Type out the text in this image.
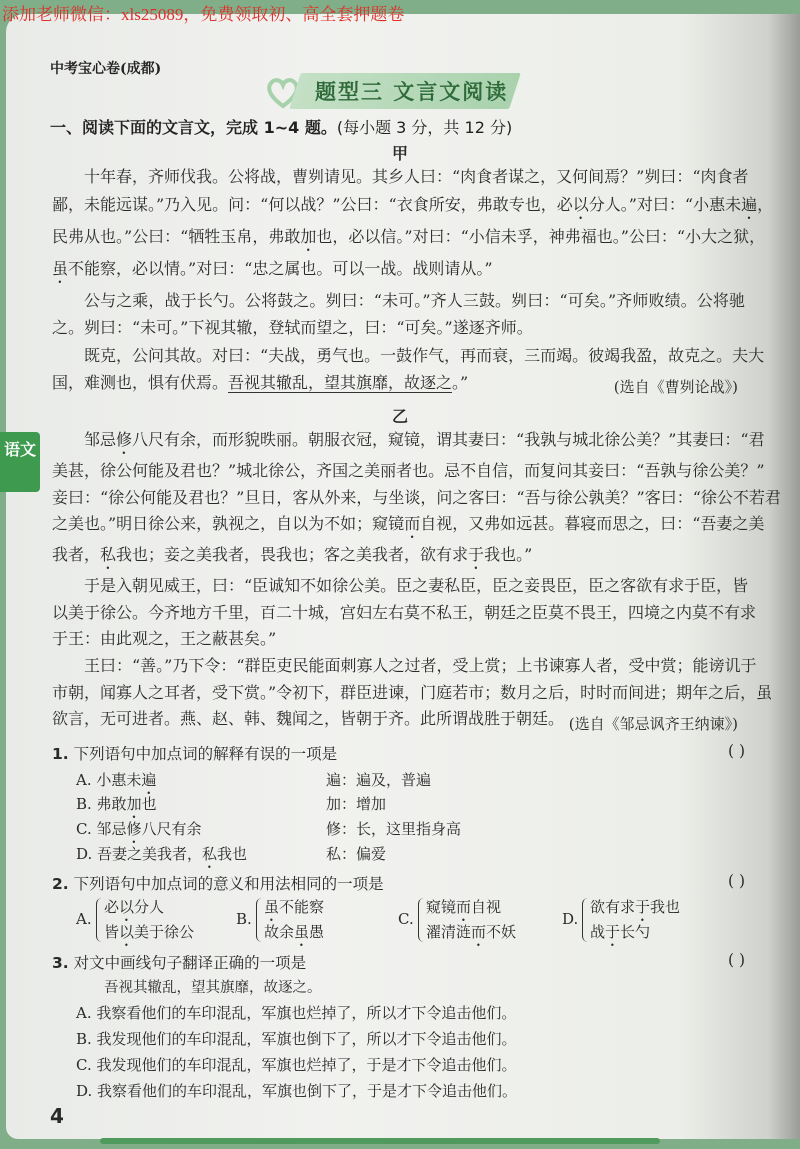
添加老师微信：xls25089，免费领取初、高全套押题卷
中考宝心卷(成都)
题型三 文言文阅读
一、阅读下面的文言文，完成 1~4 题。(每小题 3 分，共 12 分)
甲
十年春，齐师伐我。公将战，曹刿请见。其乡人曰：“肉食者谋之，又何间焉？”刿曰：“肉食者
鄙，未能远谋。”乃入见。问：“何以战？”公曰：“衣食所安，弗敢专也，必以分人。”对曰：“小惠未遍，
民弗从也。”公曰：“牺牲玉帛，弗敢加也，必以信。”对曰：“小信未孚，神弗福也。”公曰：“小大之狱，
虽不能察，必以情。”对曰：“忠之属也。可以一战。战则请从。”
公与之乘，战于长勺。公将鼓之。刿曰：“未可。”齐人三鼓。刿曰：“可矣。”齐师败绩。公将驰
之。刿曰：“未可。”下视其辙，登轼而望之，曰：“可矣。”遂逐齐师。
既克，公问其故。对曰：“夫战，勇气也。一鼓作气，再而衰，三而竭。彼竭我盈，故克之。夫大
国，难测也，惧有伏焉。吾视其辙乱，望其旗靡，故逐之。”	(选自《曹刿论战》)
乙
邹忌修八尺有余，而形貌昳丽。朝服衣冠，窥镜，谓其妻曰：“我孰与城北徐公美？”其妻曰：“君
美甚，徐公何能及君也？”城北徐公，齐国之美丽者也。忌不自信，而复问其妾曰：“吾孰与徐公美？”
妾曰：“徐公何能及君也？”旦日，客从外来，与坐谈，问之客曰：“吾与徐公孰美？”客曰：“徐公不若君
之美也。”明日徐公来，孰视之，自以为不如；窥镜而自视，又弗如远甚。暮寝而思之，曰：“吾妻之美
我者，私我也；妾之美我者，畏我也；客之美我者，欲有求于我也。”
于是入朝见威王，曰：“臣诚知不如徐公美。臣之妻私臣，臣之妾畏臣，臣之客欲有求于臣，皆
以美于徐公。今齐地方千里，百二十城，宫妇左右莫不私王，朝廷之臣莫不畏王，四境之内莫不有求
于王：由此观之，王之蔽甚矣。”
王曰：“善。”乃下令：“群臣吏民能面刺寡人之过者，受上赏；上书谏寡人者，受中赏；能谤讥于
市朝，闻寡人之耳者，受下赏。”令初下，群臣进谏，门庭若市；数月之后，时时而间进；期年之后，虽
欲言，无可进者。燕、赵、韩、魏闻之，皆朝于齐。此所谓战胜于朝廷。 (选自《邹忌讽齐王纳谏》)
语文
1. 下列语句中加点词的解释有误的一项是	( )
2. 下列语句中加点词的意义和用法相同的一项是	( )
3. 对文中画线句子翻译正确的一项是	( )
吾视其辙乱，望其旗靡，故逐之。
4
A. 小惠未遍	遍：遍及，普遍
B. 弗敢加也	加：增加
C. 邹忌修八尺有余	修：长，这里指身高
D. 吾妻之美我者，私我也	私：偏爱
A.
必以分人
皆以美于徐公
B.
虽不能察
故余虽愚
C.
窥镜而自视
濯清涟而不妖
D.
欲有求于我也
战于长勺
A. 我察看他们的车印混乱，军旗也烂掉了，所以才下令追击他们。
B. 我发现他们的车印混乱，军旗也倒下了，所以才下令追击他们。
C. 我发现他们的车印混乱，军旗也烂掉了，于是才下令追击他们。
D. 我察看他们的车印混乱，军旗也倒下了，于是才下令追击他们。
